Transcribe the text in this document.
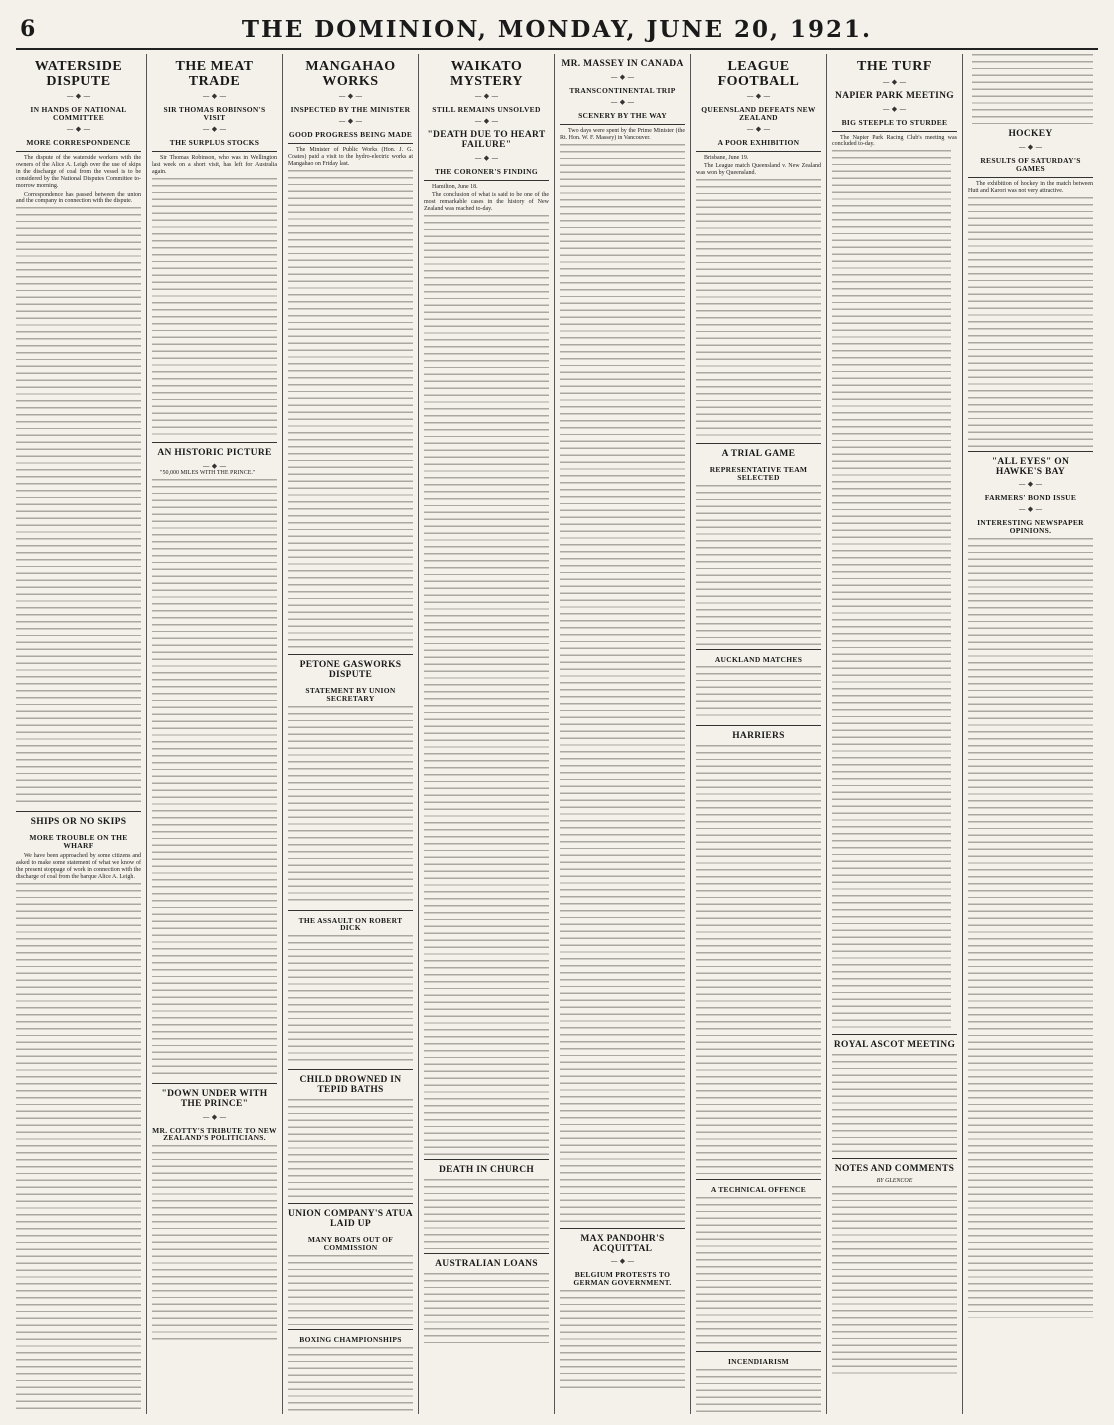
6	THE DOMINION, MONDAY, JUNE 20, 1921.
WATERSIDE DISPUTE
— ◆ —
IN HANDS OF NATIONAL COMMITTEE
— ◆ —
MORE CORRESPONDENCE

The dispute of the waterside workers with the owners of the Alice A. Leigh over the use of skips in the discharge of coal from the vessel is to be considered by the National Disputes Committee to-morrow morning.

Correspondence has passed between the union and the company in connection with the dispute.

SHIPS OR NO SKIPS
MORE TROUBLE ON THE WHARF

We have been approached by some citizens and asked to make some statement of what we know of the present stoppage of work in connection with the discharge of coal from the barque Alice A. Leigh.

THE MEAT TRADE
— ◆ —
SIR THOMAS ROBINSON'S VISIT
— ◆ —
THE SURPLUS STOCKS

Sir Thomas Robinson, who was in Wellington last week on a short visit, has left for Australia again.

AN HISTORIC PICTURE
— ◆ —

"50,000 MILES WITH THE PRINCE."

"DOWN UNDER WITH THE PRINCE"
— ◆ —
MR. COTTY'S TRIBUTE TO NEW ZEALAND'S POLITICIANS.
MANGAHAO WORKS
— ◆ —
INSPECTED BY THE MINISTER
— ◆ —
GOOD PROGRESS BEING MADE

The Minister of Public Works (Hon. J. G. Coates) paid a visit to the hydro-electric works at Mangahao on Friday last.

PETONE GASWORKS DISPUTE
STATEMENT BY UNION SECRETARY
THE ASSAULT ON ROBERT DICK
CHILD DROWNED IN TEPID BATHS
UNION COMPANY'S ATUA LAID UP
MANY BOATS OUT OF COMMISSION
BOXING CHAMPIONSHIPS
WAIKATO MYSTERY
— ◆ —
STILL REMAINS UNSOLVED
— ◆ —
"DEATH DUE TO HEART FAILURE"
— ◆ —
THE CORONER'S FINDING
Hamilton, June 18.

The conclusion of what is said to be one of the most remarkable cases in the history of New Zealand was reached to-day.

DEATH IN CHURCH
AUSTRALIAN LOANS
MR. MASSEY IN CANADA
— ◆ —
TRANSCONTINENTAL TRIP
— ◆ —
SCENERY BY THE WAY

Two days were spent by the Prime Minister (the Rt. Hon. W. F. Massey) in Vancouver.

MAX PANDOHR'S ACQUITTAL
— ◆ —
BELGIUM PROTESTS TO GERMAN GOVERNMENT.
LEAGUE FOOTBALL
— ◆ —
QUEENSLAND DEFEATS NEW ZEALAND
— ◆ —
A POOR EXHIBITION
Brisbane, June 19.

The League match Queensland v. New Zealand was won by Queensland.

A TRIAL GAME
REPRESENTATIVE TEAM SELECTED
AUCKLAND MATCHES
HARRIERS
A TECHNICAL OFFENCE
INCENDIARISM
THE TURF
— ◆ —
NAPIER PARK MEETING
— ◆ —
BIG STEEPLE TO STURDEE

The Napier Park Racing Club's meeting was concluded to-day.

ROYAL ASCOT MEETING
NOTES AND COMMENTS
BY GLENCOE
HOCKEY
— ◆ —
RESULTS OF SATURDAY'S GAMES

The exhibition of hockey in the match between Hutt and Karori was not very attractive.

"ALL EYES" ON HAWKE'S BAY
— ◆ —
FARMERS' BOND ISSUE
— ◆ —
INTERESTING NEWSPAPER OPINIONS.
